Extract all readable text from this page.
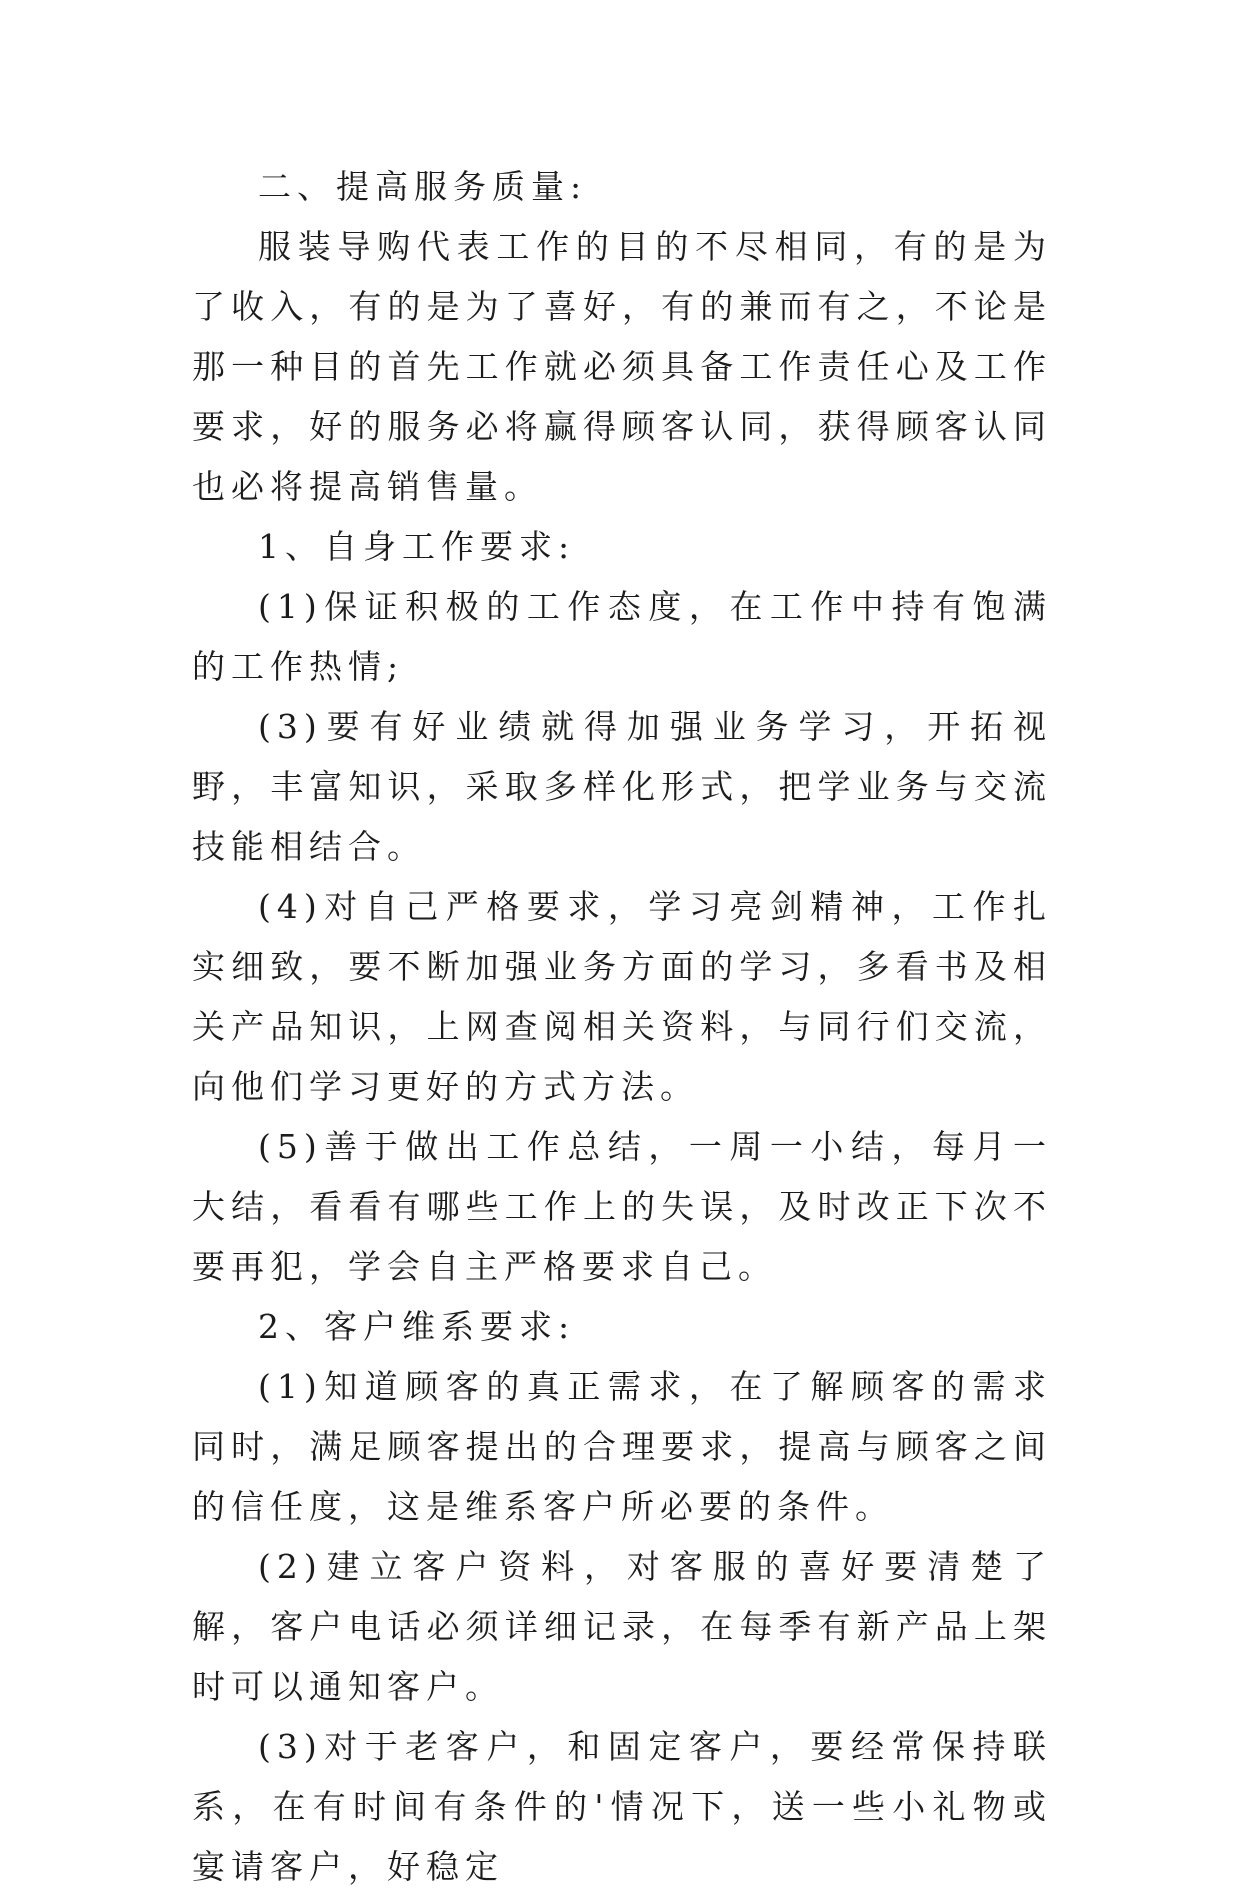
二、提高服务质量:

服装导购代表工作的目的不尽相同，有的是为了收入，有的是为了喜好，有的兼而有之，不论是那一种目的首先工作就必须具备工作责任心及工作要求，好的服务必将赢得顾客认同，获得顾客认同也必将提高销售量。

1、自身工作要求:

(1)保证积极的工作态度，在工作中持有饱满的工作热情;

(3)要有好业绩就得加强业务学习，开拓视野，丰富知识，采取多样化形式，把学业务与交流技能相结合。

(4)对自己严格要求，学习亮剑精神，工作扎实细致，要不断加强业务方面的学习，多看书及相关产品知识，上网查阅相关资料，与同行们交流，向他们学习更好的方式方法。

(5)善于做出工作总结，一周一小结，每月一大结，看看有哪些工作上的失误，及时改正下次不要再犯，学会自主严格要求自己。

2、客户维系要求:

(1)知道顾客的真正需求，在了解顾客的需求同时，满足顾客提出的合理要求，提高与顾客之间的信任度，这是维系客户所必要的条件。

(2)建立客户资料，对客服的喜好要清楚了解，客户电话必须详细记录，在每季有新产品上架时可以通知客户。

(3)对于老客户，和固定客户，要经常保持联系，在有时间有条件的'情况下，送一些小礼物或宴请客户，好稳定
